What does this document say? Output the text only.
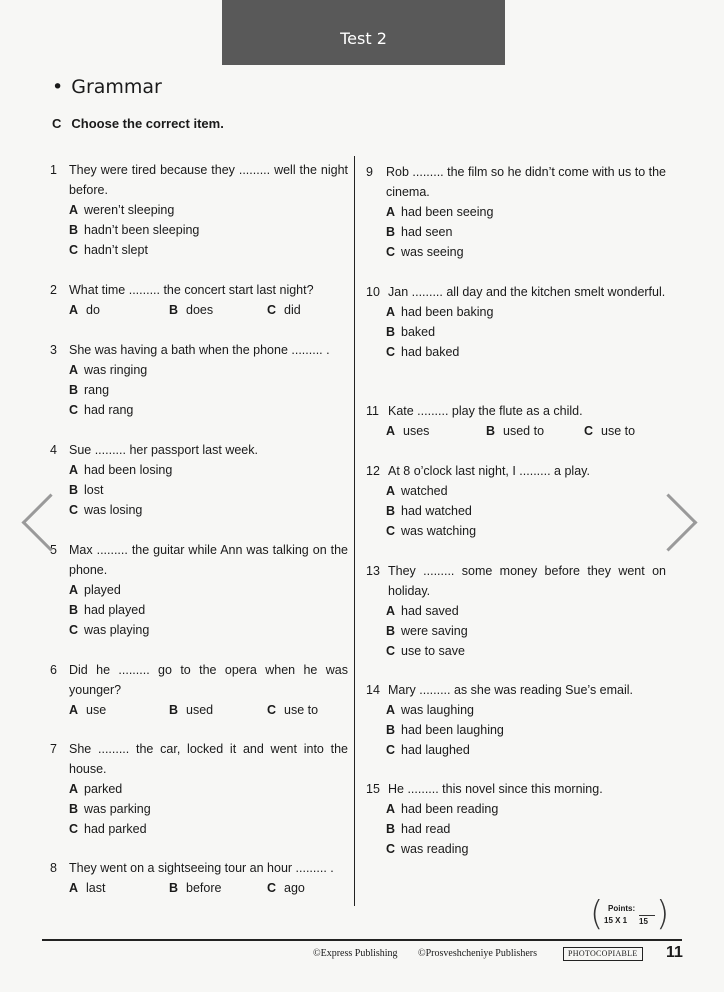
Test 2
• Grammar
C Choose the correct item.
1 They were tired because they ......... well the night before.
A weren’t sleeping
B hadn’t been sleeping
C hadn’t slept
2 What time ......... the concert start last night?
A do	B does	C did
3 She was having a bath when the phone ......... .
A was ringing
B rang
C had rang
4 Sue ......... her passport last week.
A had been losing
B lost
C was losing
5 Max ......... the guitar while Ann was talking on the phone.
A played
B had played
C was playing
6 Did he ......... go to the opera when he was younger?
A use	B used	C use to
7 She ......... the car, locked it and went into the house.
A parked
B was parking
C had parked
8 They went on a sightseeing tour an hour ......... .
A last	B before	C ago
9 Rob ......... the film so he didn’t come with us to the cinema.
A had been seeing
B had seen
C was seeing
10 Jan ......... all day and the kitchen smelt wonderful.
A had been baking
B baked
C had baked
11 Kate ......... play the flute as a child.
A uses	B used to	C use to
12 At 8 o’clock last night, I ......... a play.
A watched
B had watched
C was watching
13 They ......... some money before they went on holiday.
A had saved
B were saving
C use to save
14 Mary ......... as she was reading Sue’s email.
A was laughing
B had been laughing
C had laughed
15 He ......... this novel since this morning.
A had been reading
B had read
C was reading
( Points:
15 X 1 15 )
©Express Publishing ©Prosveshcheniye Publishers	PHOTOCOPIABLE	11
